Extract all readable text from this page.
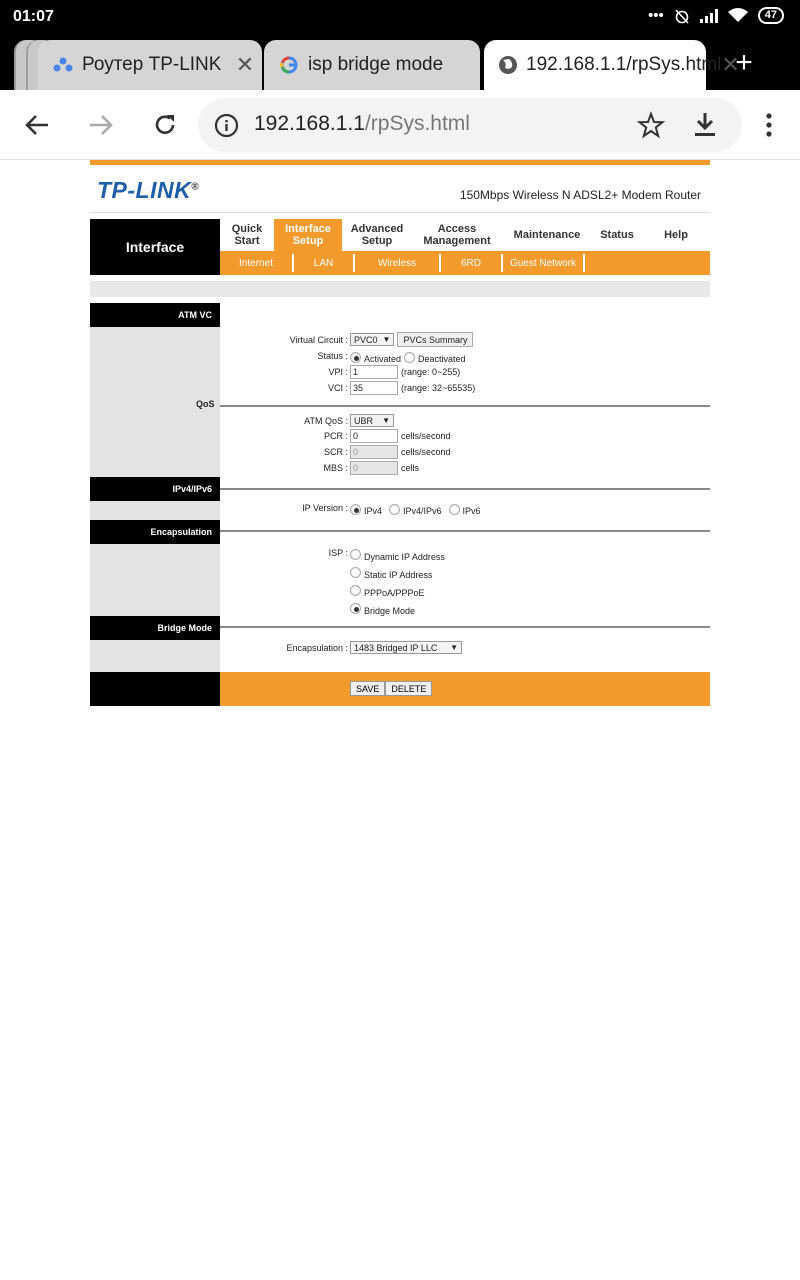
01:07	•••	47
Роутер TP-LINK ✕	isp bridge mode	192.168.1.1/rpSys.html ✕
+
192.168.1.1/rpSys.html
TP-LINK®
150Mbps Wireless N ADSL2+ Modem Router
Interface
Quick
Start
Interface
Setup
Advanced
Setup
Access
Management Maintenance Status	Help
Internet	LAN	Wireless	6RD	Guest Network
ATM VC
Virtual Circuit : PVC0 ▼	PVCs Summary
Status : Activated Deactivated
VPI : 1	(range: 0~255)
VCI : 35	(range: 32~65535)
QoS
ATM QoS : UBR ▼
PCR : 0	cells/second
SCR : 0	cells/second
MBS : 0	cells
IPv4/IPv6
IP Version : IPv4 IPv4/IPv6 IPv6
Encapsulation
ISP : Dynamic IP Address
Static IP Address
PPPoA/PPPoE
Bridge Mode
Bridge Mode
Encapsulation : 1483 Bridged IP LLC ▼
SAVE	DELETE
